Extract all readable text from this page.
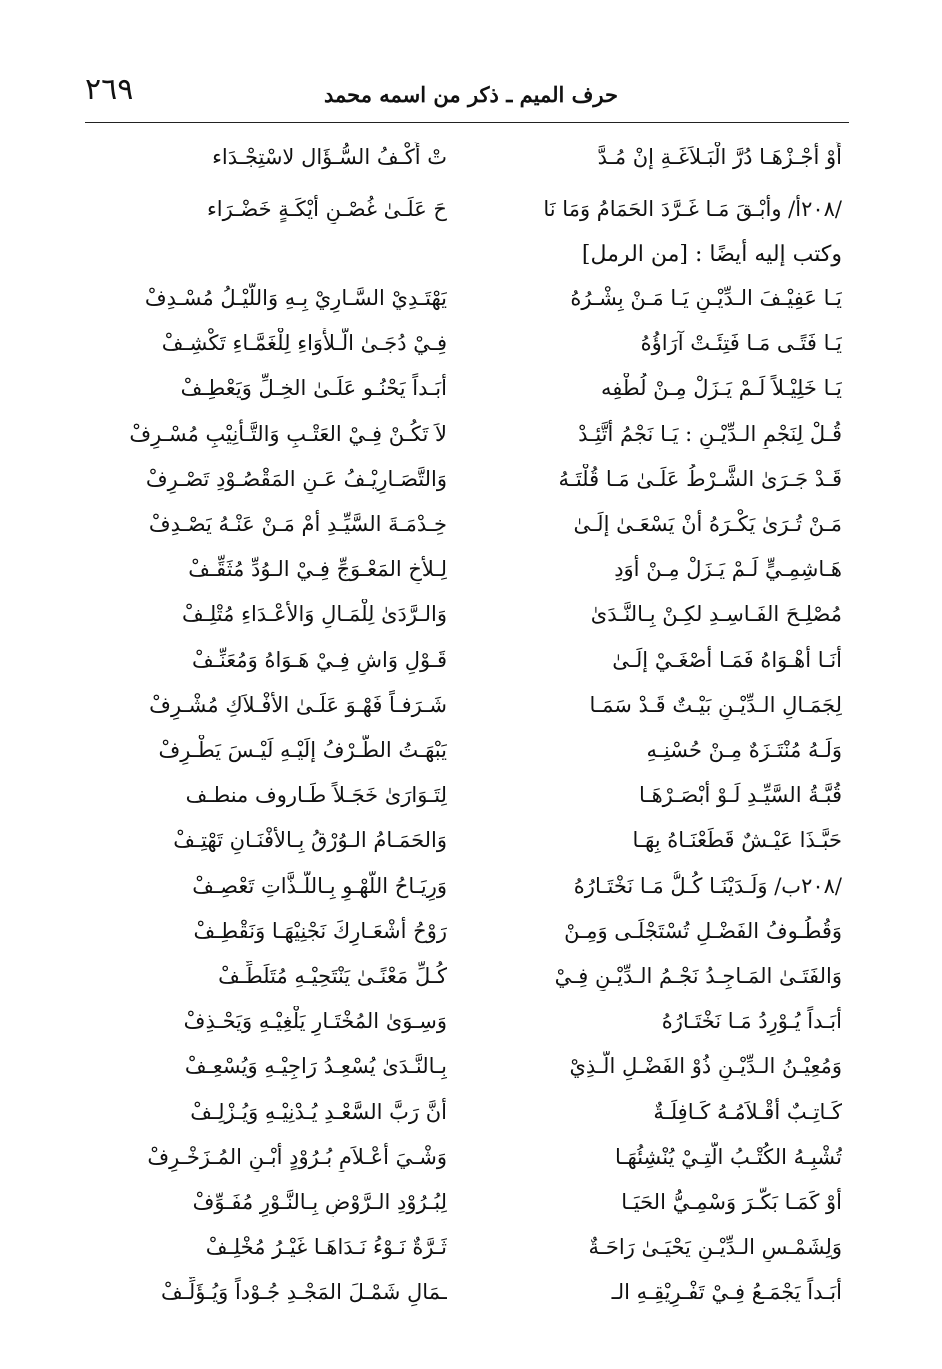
٢٦٩	حرف الميم ـ ذكر من اسمه محمد
أَوْ أجْـزْهَـا دُرَّ الْبَـلاَغَـةِ إنْ مُـدَّ
/٢٠٨أ/ وأبْـقَ مَـا غَـرَّدَ الحَمَامُ وَمَا نَا
تْ أُكْـفُ السُّـؤَال لاسْتِجْـدَاء
حَ عَلَـىٰ غُصْـنِ أيْكَـةٍ خَضْـرَاء
وكتب إليه أيضًا : [من الرمل]
يَـا عَفِيْـفَ الـدِّيْـنِ يَـا مَـنْ بِشْـرُهُ
يَـا فَتًـى مَـا فَتِئَـتْ آرَاؤُهُ
يَـا خَلِيْـلاً لَـمْ يَـزَلْ مِـنْ لُطْفِه
قُـلْ لِنَجْمِ الـدِّيْـنِ : يَـا نَجْمُ أتَّئِـدْ
قَـدْ جَـرَىٰ الشَّـرْطُ عَلَـىٰ مَـا قُلْتَـهُ
مَـنْ تُـرَىٰ يَكْـرَهُ أنْ يَسْعَـىٰ إلَـىٰ
هَـاشِمِـيٍّ لَـمْ يَـزَلْ مِـنْ أوَدِ
مُصْلِـحَ الفَـاسِـدِ لكِـنْ بِـالنَّـدَىٰ
أنَـا أهْـوَاهُ فَمَـا أصْغَـيْ إلَـىٰ
لِجَمَـالِ الـدِّيْـنِ بَيْـتٌ قَـدْ سَمَـا
وَلَـهُ مُنْتَـزَهٌ مِـنْ حُسْنِـهِ
قُبَّـةُ السَّيِّـدِ لَـوْ أبْصَـرْهَـا
حَبَّـذَا عَيْـشٌ قَطَعْنَـاهُ بِهَـا
/٢٠٨ب/ وَلَـدَيْنَـا كُـلُّ مَـا نَخْتَـارُهُ
وَقُطُـوفُ الفَضْـلِ تُسْتَجْلَـى وَمِـنْ
وَالفَتَـىٰ المَـاجِـدُ نَجْـمُ الـدِّيْـنِ فِـيْ
أبَـداً يُـوْرِدُ مَـا نَخْتَـارُهُ
وَمُعِيْـنُ الـدِّيْـنِ ذُوْ الفَضْـلِ الَّـذِيْ
كَـاتِـبٌ أقْـلاَمُـهُ كَـافِلَـةٌ
تُشْبِـهُ الكُتْـبُ الَّتِـيْ يُنْشِئُهَـا
أوْ كَمَـا بَكَّـرَ وَسْمِـيُّ الحَيَـا
وَلِشَمْـسِ الـدِّيْـنِ يَحْيَـىٰ رَاحَـةٌ
أبَـداً يَجْمَـعُ فِـيْ تَفْـرِيْقِـهِ الـ
يَهْتَـدِيْ السَّـارِيْ بِـهِ وَاللَّيْـلُ مُسْـدِفْ
فِـيْ دُجَـىٰ الَّـلأْوَاءِ لِلْغَمَّـاءِ تَكْشِـفْ
أبَـداً يَحْنُـو عَلَـىٰ الخِـلِّ وَيَعْطِـفْ
لاَ تَكُـنْ فِـيْ العَتْـبِ وَالتَّـأْنِيْبِ مُسْـرِفْ
وَالتَّصَـارِيْـفُ عَـنِ المَقْصُـوْدِ تَصْـرِفْ
خِـدْمَـةَ السَّيِّـدِ أمْ مَـنْ عَنْـهُ يَصْـدِفْ
لِـلأخِ المَعْـوَجِّ فِـيْ الـوُدِّ مُثَقِّـفْ
وَالـرَّدَىٰ لِلْمَـالِ وَالأعْـدَاءِ مُتْلِـفْ
قَـوْلِ وَاشٍ فِـيْ هَـوَاهُ وَمُعَنِّـفْ
شَـرَفـاً فَهْـوَ عَلَـىٰ الأفْـلاَكِ مُشْـرِفْ
يَبْهَـتُ الطَّـرْفُ إلَيْـهِ لَيْـسَ يَطْـرِفْ
لِتَـوَارَىٰ خَجَـلاً طَـاروف منطـف
وَالحَمَـامُ الـوُرْقُ بِـالأفْنَـانِ تَهْتِـفْ
وَرِيَـاحُ اللَّهْـوِ بِـاللَّـذَّاتِ تَعْصِـفْ
رَوْحُ أشْعَـارِكَ نَجْنِيْهَـا وَنَقْطِـفْ
كُـلِّ مَعْنًـىٰ يَنْتَحِيْـهِ مُتَلَطِّـفْ
وَسِـوَىٰ المُخْتَـارِ يَلْغِيْـهِ وَيَحْـذِفْ
بِـالنَّـدَىٰ يُسْعِـدُ رَاجِيْـهِ وَيُسْعِـفْ
أنَّ رَبَّ السَّعْـدِ يُـدْنِيْـهِ وَيُـزْلِـفْ
وَشْـيَ أعْـلاَمِ بُـرُوْدٍ أبْـنِ المُـزَخْـرِفْ
لِبُـرُوْدِ الـرَّوْضِ بِـالنَّـوْرِ مُفَـوِّفْ
ثَـرَّةٌ نَـوْءُ نَـدَاهَـا غَيْـرُ مُخْلِـفْ
ـمَالِ شَمْـلَ المَجْـدِ جُـوْداً وَيُـؤَلِّـفْ
